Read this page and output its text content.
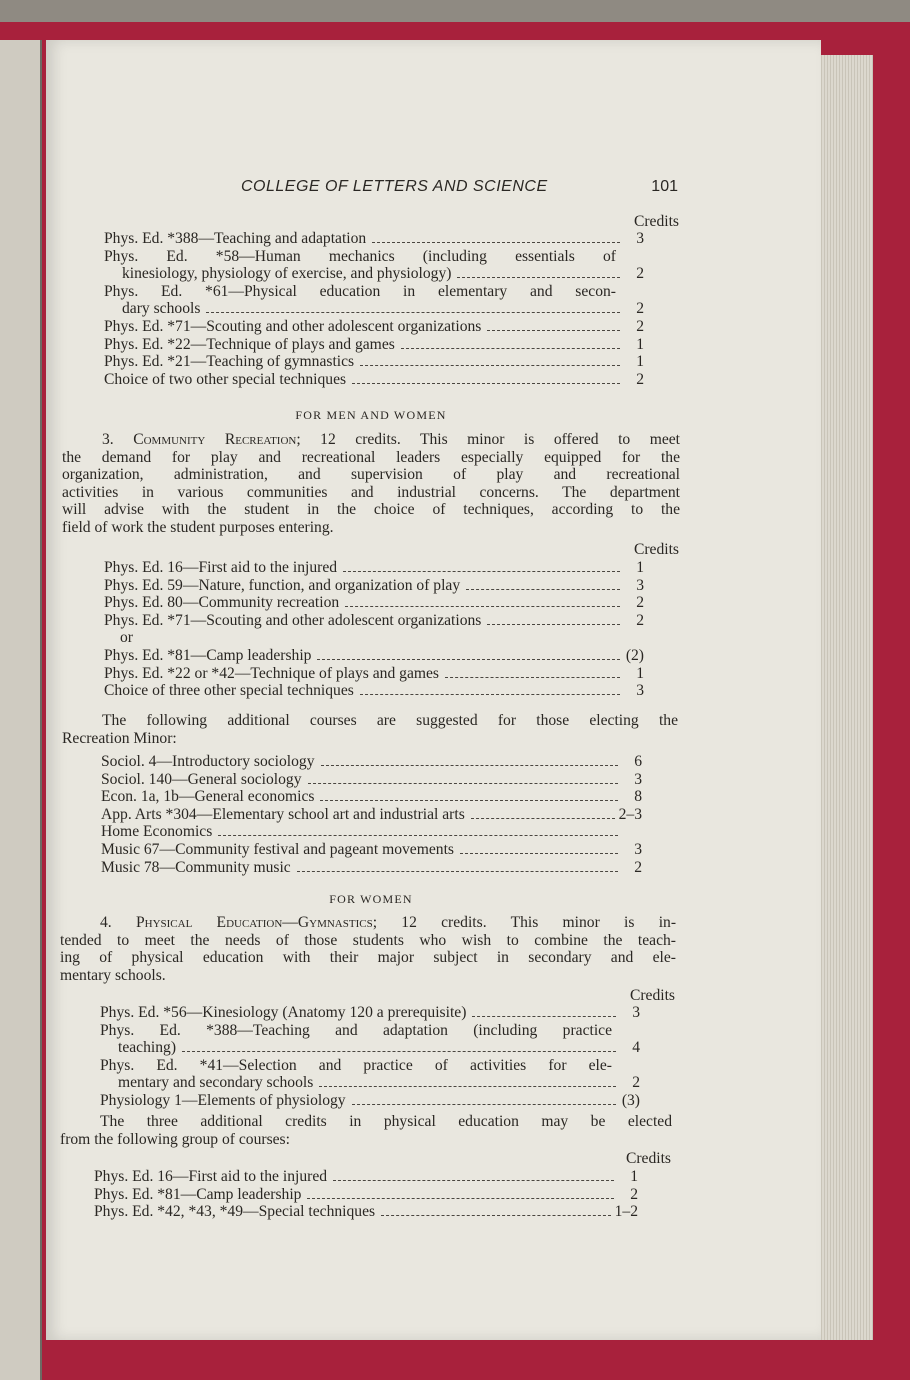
COLLEGE OF LETTERS AND SCIENCE	101
Credits
Phys. Ed. *388—Teaching and adaptation	3
Phys. Ed. *58—Human mechanics (including essentials of
kinesiology, physiology of exercise, and physiology)	2
Phys. Ed. *61—Physical education in elementary and secon-
dary schools	2
Phys. Ed. *71—Scouting and other adolescent organizations	2
Phys. Ed. *22—Technique of plays and games	1
Phys. Ed. *21—Teaching of gymnastics	1
Choice of two other special techniques	2
FOR MEN AND WOMEN
3. Community Recreation; 12 credits. This minor is offered to meet
the demand for play and recreational leaders especially equipped for the
organization, administration, and supervision of play and recreational
activities in various communities and industrial concerns. The department
will advise with the student in the choice of techniques, according to the
field of work the student purposes entering.
Credits
Phys. Ed. 16—First aid to the injured	1
Phys. Ed. 59—Nature, function, and organization of play	3
Phys. Ed. 80—Community recreation	2
Phys. Ed. *71—Scouting and other adolescent organizations	2
or
Phys. Ed. *81—Camp leadership	(2)
Phys. Ed. *22 or *42—Technique of plays and games	1
Choice of three other special techniques	3
The following additional courses are suggested for those electing the
Recreation Minor:
Sociol. 4—Introductory sociology	6
Sociol. 140—General sociology	3
Econ. 1a, 1b—General economics	8
App. Arts *304—Elementary school art and industrial arts	2–3
Home Economics
Music 67—Community festival and pageant movements	3
Music 78—Community music	2
FOR WOMEN
4. Physical Education—Gymnastics; 12 credits. This minor is in-
tended to meet the needs of those students who wish to combine the teach-
ing of physical education with their major subject in secondary and ele-
mentary schools.
Credits
Phys. Ed. *56—Kinesiology (Anatomy 120 a prerequisite)	3
Phys. Ed. *388—Teaching and adaptation (including practice
teaching)	4
Phys. Ed. *41—Selection and practice of activities for ele-
mentary and secondary schools	2
Physiology 1—Elements of physiology	(3)
The three additional credits in physical education may be elected
from the following group of courses:
Credits
Phys. Ed. 16—First aid to the injured	1
Phys. Ed. *81—Camp leadership	2
Phys. Ed. *42, *43, *49—Special techniques	1–2
